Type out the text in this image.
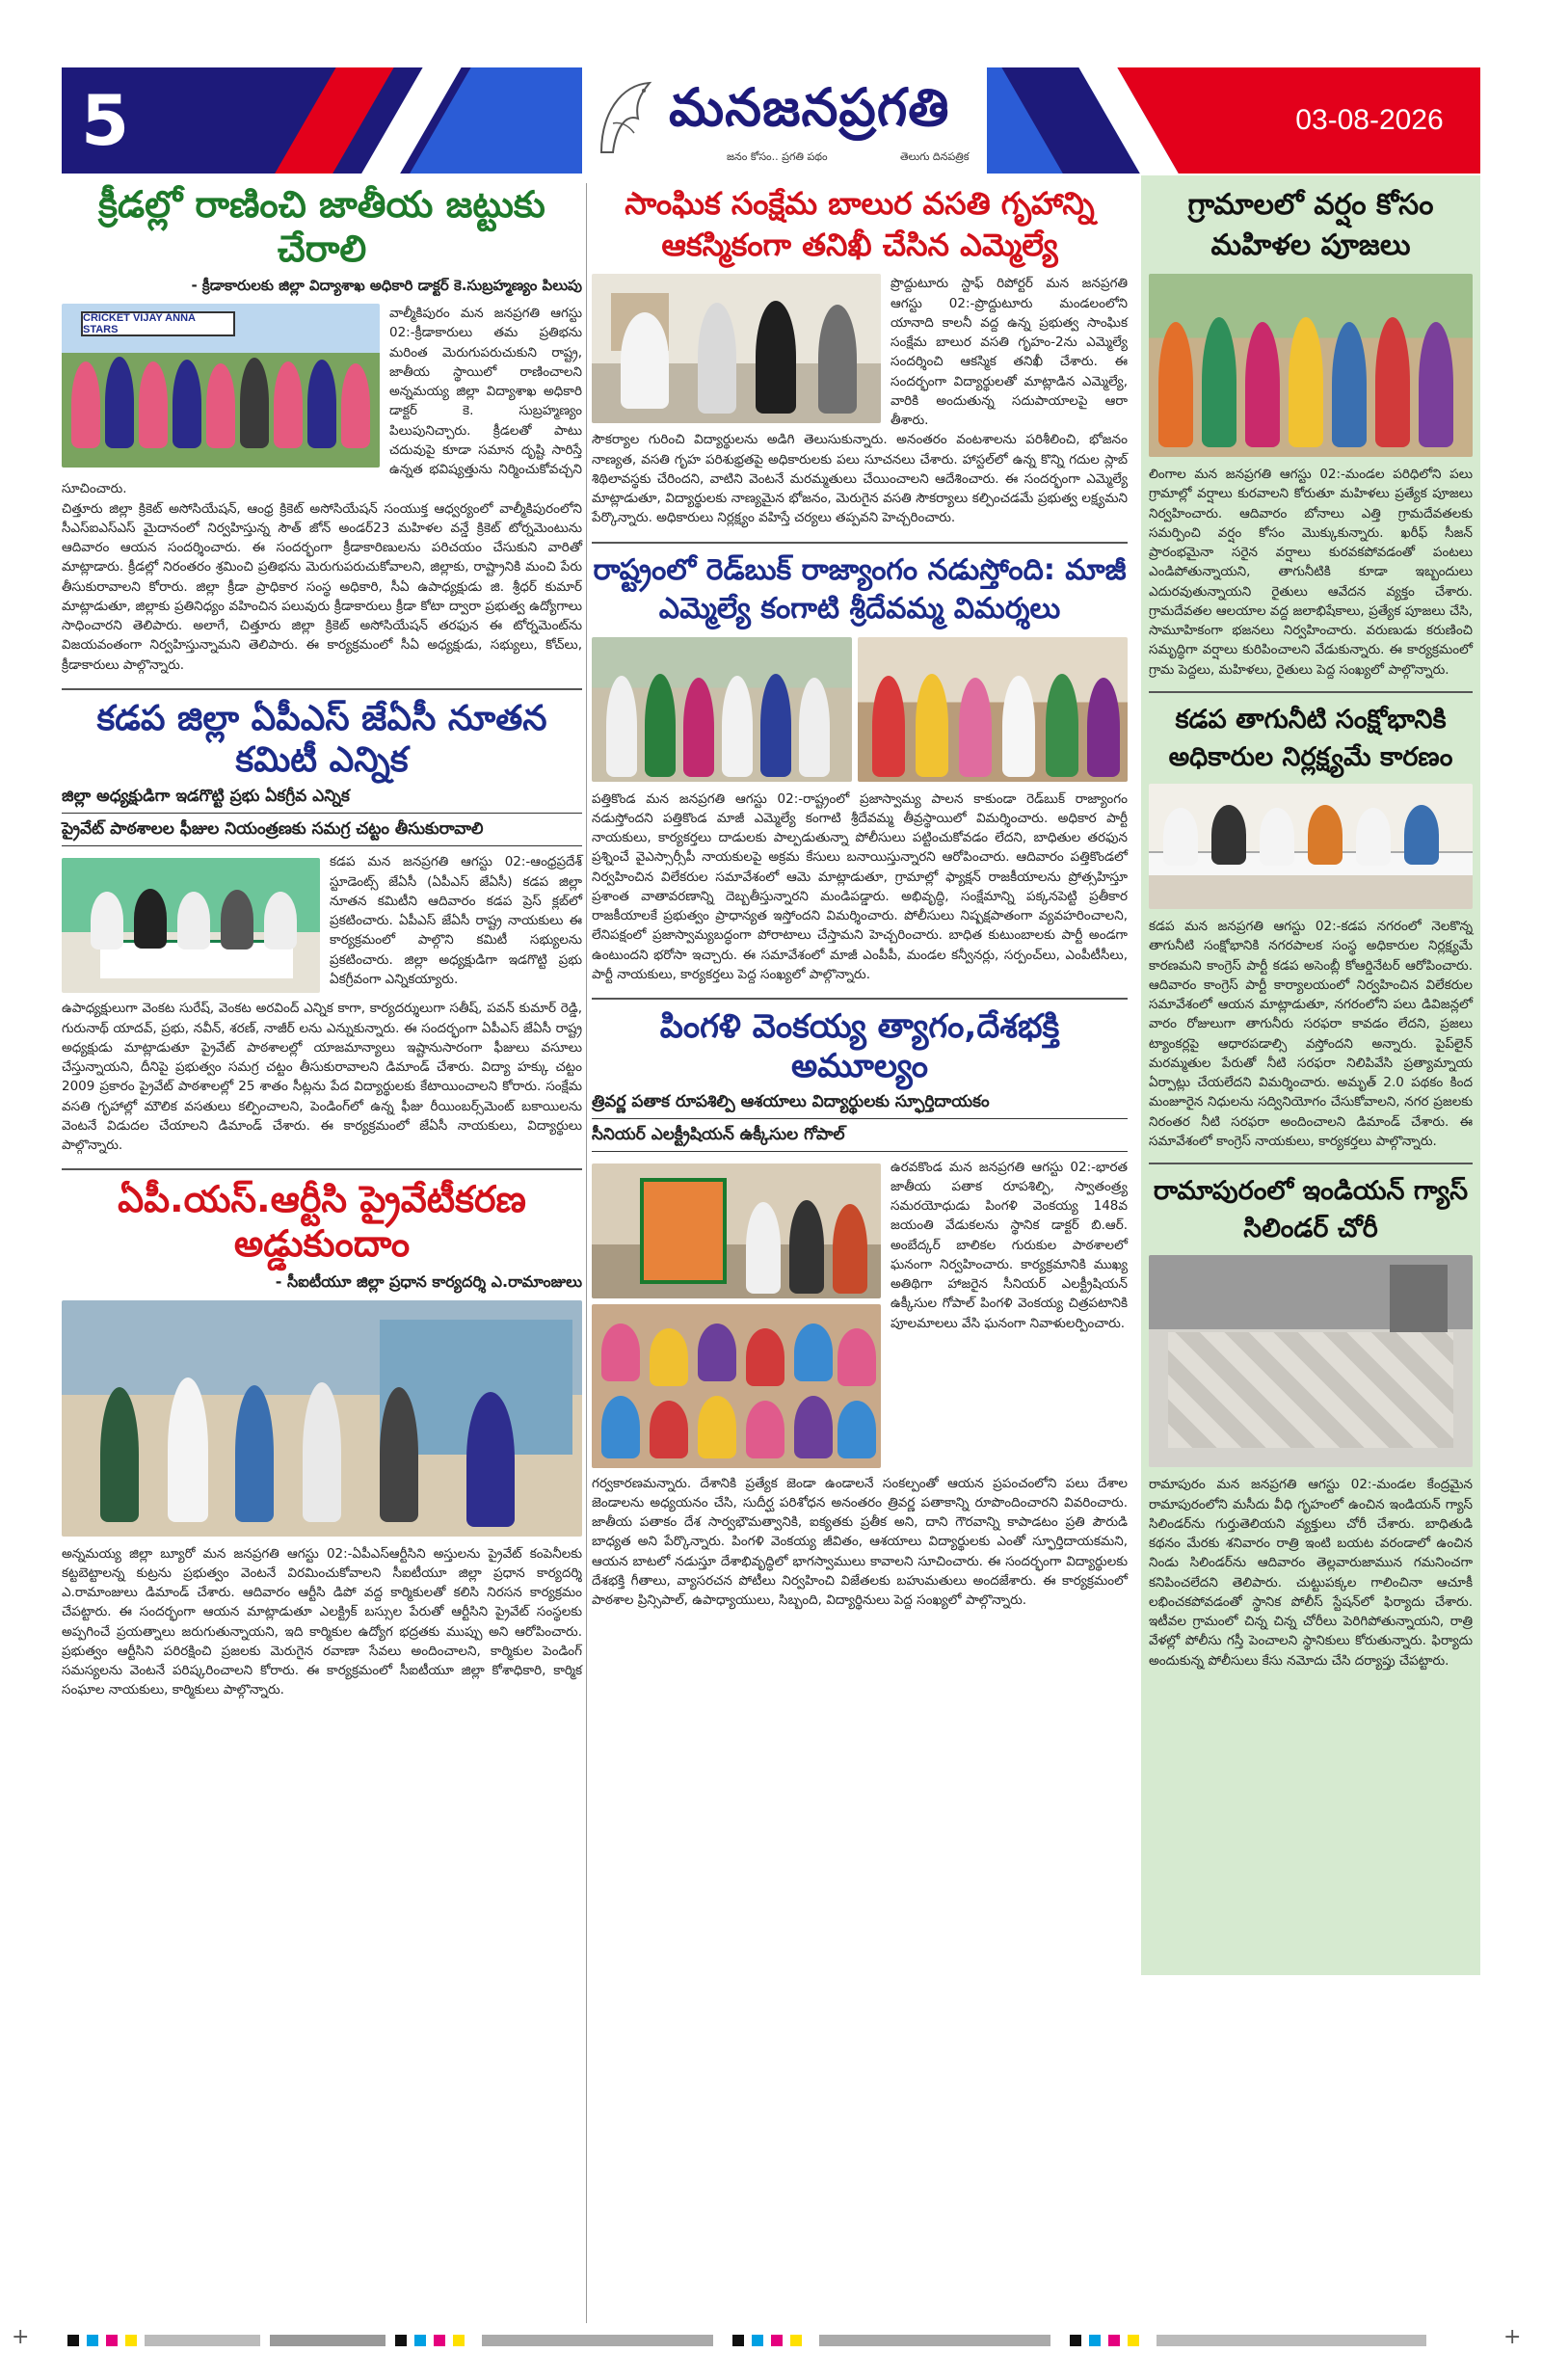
5	మనజనప్రగతి
జనం కోసం.. ప్రగతి పథం	తెలుగు దినపత్రిక
03-08-2026
క్రీడల్లో రాణించి జాతీయ జట్టుకు చేరాలి
- క్రీడాకారులకు జిల్లా విద్యాశాఖ అధికారి డాక్టర్ కె.సుబ్రహ్మణ్యం పిలుపు
CRICKET VIJAY ANNA STARS
వాల్మీకిపురం మన జనప్రగతి ఆగస్టు 02:-క్రీడాకారులు తమ ప్రతిభను మరింత మెరుగుపరుచుకుని రాష్ట్ర, జాతీయ స్థాయిలో రాణించాలని అన్నమయ్య జిల్లా విద్యాశాఖ అధికారి డాక్టర్ కె. సుబ్రహ్మణ్యం పిలుపునిచ్చారు. క్రీడలతో పాటు చదువుపై కూడా సమాన దృష్టి సారిస్తే ఉన్నత భవిష్యత్తును నిర్మించుకోవచ్చని సూచించారు.
చిత్తూరు జిల్లా క్రికెట్ అసోసియేషన్, ఆంధ్ర క్రికెట్ అసోసియేషన్ సంయుక్త ఆధ్వర్యంలో వాల్మీకిపురంలోని సీఎస్ఐఎస్‌ఎస్ మైదానంలో నిర్వహిస్తున్న సౌత్ జోన్ అండర్23 మహిళల వన్డే క్రికెట్ టోర్నమెంటును ఆదివారం ఆయన సందర్శించారు. ఈ సందర్భంగా క్రీడాకారిణులను పరిచయం చేసుకుని వారితో మాట్లాడారు. క్రీడల్లో నిరంతరం శ్రమించి ప్రతిభను మెరుగుపరుచుకోవాలని, జిల్లాకు, రాష్ట్రానికి మంచి పేరు తీసుకురావాలని కోరారు. జిల్లా క్రీడా ప్రాధికార సంస్థ అధికారి, సీఏ ఉపాధ్యక్షుడు జి. శ్రీధర్ కుమార్ మాట్లాడుతూ, జిల్లాకు ప్రతినిధ్యం వహించిన పలువురు క్రీడాకారులు క్రీడా కోటా ద్వారా ప్రభుత్వ ఉద్యోగాలు సాధించారని తెలిపారు. అలాగే, చిత్తూరు జిల్లా క్రికెట్ అసోసియేషన్ తరఫున ఈ టోర్నమెంట్‌ను విజయవంతంగా నిర్వహిస్తున్నామని తెలిపారు. ఈ కార్యక్రమంలో సీఏ అధ్యక్షుడు, సభ్యులు, కోచ్‌లు, క్రీడాకారులు పాల్గొన్నారు.
కడప జిల్లా ఏపీఎస్ జేఏసీ నూతన కమిటీ ఎన్నిక
జిల్లా అధ్యక్షుడిగా ఇడగొట్టి ప్రభు ఏకగ్రీవ ఎన్నిక
ప్రైవేట్ పాఠశాలల ఫీజుల నియంత్రణకు సమగ్ర చట్టం తీసుకురావాలి
కడప మన జనప్రగతి ఆగస్టు 02:-ఆంధ్రప్రదేశ్ స్టూడెంట్స్ జేఏసీ (ఏపీఎస్ జేఏసీ) కడప జిల్లా నూతన కమిటీని ఆదివారం కడప ప్రెస్ క్లబ్‌లో ప్రకటించారు. ఏపీఎస్ జేఏసీ రాష్ట్ర నాయకులు ఈ కార్యక్రమంలో పాల్గొని కమిటీ సభ్యులను ప్రకటించారు. జిల్లా అధ్యక్షుడిగా ఇడగొట్టి ప్రభు ఏకగ్రీవంగా ఎన్నికయ్యారు.
ఉపాధ్యక్షులుగా వెంకట సురేష్, వెంకట అరవింద్ ఎన్నిక కాగా, కార్యదర్శులుగా సతీష్, పవన్ కుమార్ రెడ్డి, గురునాథ్ యాదవ్, ప్రభు, నవీన్, శరణ్, నాజీర్ లను ఎన్నుకున్నారు. ఈ సందర్భంగా ఏపీఎస్ జేఏసీ రాష్ట్ర అధ్యక్షుడు మాట్లాడుతూ ప్రైవేట్ పాఠశాలల్లో యాజమాన్యాలు ఇష్టానుసారంగా ఫీజులు వసూలు చేస్తున్నాయని, దీనిపై ప్రభుత్వం సమగ్ర చట్టం తీసుకురావాలని డిమాండ్ చేశారు. విద్యా హక్కు చట్టం 2009 ప్రకారం ప్రైవేట్ పాఠశాలల్లో 25 శాతం సీట్లను పేద విద్యార్థులకు కేటాయించాలని కోరారు. సంక్షేమ వసతి గృహాల్లో మౌలిక వసతులు కల్పించాలని, పెండింగ్‌లో ఉన్న ఫీజు రీయింబర్స్‌మెంట్ బకాయిలను వెంటనే విడుదల చేయాలని డిమాండ్ చేశారు. ఈ కార్యక్రమంలో జేఏసీ నాయకులు, విద్యార్థులు పాల్గొన్నారు.
ఏపీ.యస్.ఆర్టీసి ప్రైవేటీకరణ అడ్డుకుందాం
- సీఐటీయూ జిల్లా ప్రధాన కార్యదర్శి ఎ.రామాంజులు
అన్నమయ్య జిల్లా బ్యూరో మన జనప్రగతి ఆగస్టు 02:-ఏపీఎస్ఆర్టీసిని అస్తులను ప్రైవేట్ కంపెనీలకు కట్టబెట్టాలన్న కుట్రను ప్రభుత్వం వెంటనే విరమించుకోవాలని సీఐటీయూ జిల్లా ప్రధాన కార్యదర్శి ఎ.రామాంజులు డిమాండ్ చేశారు. ఆదివారం ఆర్టీసి డిపో వద్ద కార్మికులతో కలిసి నిరసన కార్యక్రమం చేపట్టారు. ఈ సందర్భంగా ఆయన మాట్లాడుతూ ఎలక్ట్రిక్ బస్సుల పేరుతో ఆర్టీసిని ప్రైవేట్ సంస్థలకు అప్పగించే ప్రయత్నాలు జరుగుతున్నాయని, ఇది కార్మికుల ఉద్యోగ భద్రతకు ముప్పు అని ఆరోపించారు. ప్రభుత్వం ఆర్టీసిని పరిరక్షించి ప్రజలకు మెరుగైన రవాణా సేవలు అందించాలని, కార్మికుల పెండింగ్ సమస్యలను వెంటనే పరిష్కరించాలని కోరారు. ఈ కార్యక్రమంలో సీఐటీయూ జిల్లా కోశాధికారి, కార్మిక సంఘాల నాయకులు, కార్మికులు పాల్గొన్నారు.
సాంఘిక సంక్షేమ బాలుర వసతి గృహాన్ని ఆకస్మికంగా తనిఖీ చేసిన ఎమ్మెల్యే
ప్రొద్దుటూరు స్టాఫ్ రిపోర్టర్ మన జనప్రగతి ఆగస్టు 02:-ప్రొద్దుటూరు మండలంలోని యానాది కాలనీ వద్ద ఉన్న ప్రభుత్వ సాంఘిక సంక్షేమ బాలుర వసతి గృహం-2ను ఎమ్మెల్యే సందర్శించి ఆకస్మిక తనిఖీ చేశారు. ఈ సందర్భంగా విద్యార్థులతో మాట్లాడిన ఎమ్మెల్యే, వారికి అందుతున్న సదుపాయాలపై ఆరా తీశారు.
సౌకర్యాల గురించి విద్యార్థులను అడిగి తెలుసుకున్నారు. అనంతరం వంటశాలను పరిశీలించి, భోజనం నాణ్యత, వసతి గృహ పరిశుభ్రతపై అధికారులకు పలు సూచనలు చేశారు. హాస్టల్‌లో ఉన్న కొన్ని గదుల స్లాబ్ శిథిలావస్థకు చేరిందని, వాటిని వెంటనే మరమ్మతులు చేయించాలని ఆదేశించారు. ఈ సందర్భంగా ఎమ్మెల్యే మాట్లాడుతూ, విద్యార్థులకు నాణ్యమైన భోజనం, మెరుగైన వసతి సౌకర్యాలు కల్పించడమే ప్రభుత్వ లక్ష్యమని పేర్కొన్నారు. అధికారులు నిర్లక్ష్యం వహిస్తే చర్యలు తప్పవని హెచ్చరించారు.
రాష్ట్రంలో రెడ్‌బుక్ రాజ్యాంగం నడుస్తోంది: మాజీ ఎమ్మెల్యే కంగాటి శ్రీదేవమ్మ విమర్శలు
పత్తికొండ మన జనప్రగతి ఆగస్టు 02:-రాష్ట్రంలో ప్రజాస్వామ్య పాలన కాకుండా రెడ్‌బుక్ రాజ్యాంగం నడుస్తోందని పత్తికొండ మాజీ ఎమ్మెల్యే కంగాటి శ్రీదేవమ్మ తీవ్రస్థాయిలో విమర్శించారు. అధికార పార్టీ నాయకులు, కార్యకర్తలు దాడులకు పాల్పడుతున్నా పోలీసులు పట్టించుకోవడం లేదని, బాధితుల తరఫున ప్రశ్నించే వైఎస్సార్సీపీ నాయకులపై అక్రమ కేసులు బనాయిస్తున్నారని ఆరోపించారు. ఆదివారం పత్తికొండలో నిర్వహించిన విలేకరుల సమావేశంలో ఆమె మాట్లాడుతూ, గ్రామాల్లో ఫ్యాక్షన్ రాజకీయాలను ప్రోత్సహిస్తూ ప్రశాంత వాతావరణాన్ని దెబ్బతీస్తున్నారని మండిపడ్డారు. అభివృద్ధి, సంక్షేమాన్ని పక్కనపెట్టి ప్రతీకార రాజకీయాలకే ప్రభుత్వం ప్రాధాన్యత ఇస్తోందని విమర్శించారు. పోలీసులు నిష్పక్షపాతంగా వ్యవహరించాలని, లేనిపక్షంలో ప్రజాస్వామ్యబద్ధంగా పోరాటాలు చేస్తామని హెచ్చరించారు. బాధిత కుటుంబాలకు పార్టీ అండగా ఉంటుందని భరోసా ఇచ్చారు. ఈ సమావేశంలో మాజీ ఎంపీపీ, మండల కన్వీనర్లు, సర్పంచ్‌లు, ఎంపీటీసీలు, పార్టీ నాయకులు, కార్యకర్తలు పెద్ద సంఖ్యలో పాల్గొన్నారు.
పింగళి వెంకయ్య త్యాగం,దేశభక్తి అమూల్యం
త్రివర్ణ పతాక రూపశిల్పి ఆశయాలు విద్యార్థులకు స్ఫూర్తిదాయకం
సీనియర్ ఎలక్ట్రీషియన్ ఉక్కీసుల గోపాల్
ఉరవకొండ మన జనప్రగతి ఆగస్టు 02:-భారత జాతీయ పతాక రూపశిల్పి, స్వాతంత్ర్య సమరయోధుడు పింగళి వెంకయ్య 148వ జయంతి వేడుకలను స్థానిక డాక్టర్ బి.ఆర్. అంబేద్కర్ బాలికల గురుకుల పాఠశాలలో ఘనంగా నిర్వహించారు. కార్యక్రమానికి ముఖ్య అతిథిగా హాజరైన సీనియర్ ఎలక్ట్రీషియన్ ఉక్కీసుల గోపాల్ పింగళి వెంకయ్య చిత్రపటానికి పూలమాలలు వేసి ఘనంగా నివాళులర్పించారు.
గర్వకారణమన్నారు. దేశానికి ప్రత్యేక జెండా ఉండాలనే సంకల్పంతో ఆయన ప్రపంచంలోని పలు దేశాల జెండాలను అధ్యయనం చేసి, సుదీర్ఘ పరిశోధన అనంతరం త్రివర్ణ పతాకాన్ని రూపొందించారని వివరించారు. జాతీయ పతాకం దేశ సార్వభౌమత్వానికి, ఐక్యతకు ప్రతీక అని, దాని గౌరవాన్ని కాపాడటం ప్రతి పౌరుడి బాధ్యత అని పేర్కొన్నారు. పింగళి వెంకయ్య జీవితం, ఆశయాలు విద్యార్థులకు ఎంతో స్ఫూర్తిదాయకమని, ఆయన బాటలో నడుస్తూ దేశాభివృద్ధిలో భాగస్వాములు కావాలని సూచించారు. ఈ సందర్భంగా విద్యార్థులకు దేశభక్తి గీతాలు, వ్యాసరచన పోటీలు నిర్వహించి విజేతలకు బహుమతులు అందజేశారు. ఈ కార్యక్రమంలో పాఠశాల ప్రిన్సిపాల్, ఉపాధ్యాయులు, సిబ్బంది, విద్యార్థినులు పెద్ద సంఖ్యలో పాల్గొన్నారు.
గ్రామాలలో వర్షం కోసం మహిళల పూజలు
లింగాల మన జనప్రగతి ఆగస్టు 02:-మండల పరిధిలోని పలు గ్రామాల్లో వర్షాలు కురవాలని కోరుతూ మహిళలు ప్రత్యేక పూజలు నిర్వహించారు. ఆదివారం బోనాలు ఎత్తి గ్రామదేవతలకు సమర్పించి వర్షం కోసం మొక్కుకున్నారు. ఖరీఫ్ సీజన్ ప్రారంభమైనా సరైన వర్షాలు కురవకపోవడంతో పంటలు ఎండిపోతున్నాయని, తాగునీటికి కూడా ఇబ్బందులు ఎదురవుతున్నాయని రైతులు ఆవేదన వ్యక్తం చేశారు. గ్రామదేవతల ఆలయాల వద్ద జలాభిషేకాలు, ప్రత్యేక పూజలు చేసి, సామూహికంగా భజనలు నిర్వహించారు. వరుణుడు కరుణించి సమృద్ధిగా వర్షాలు కురిపించాలని వేడుకున్నారు. ఈ కార్యక్రమంలో గ్రామ పెద్దలు, మహిళలు, రైతులు పెద్ద సంఖ్యలో పాల్గొన్నారు.
కడప తాగునీటి సంక్షోభానికి అధికారుల నిర్లక్ష్యమే కారణం
కడప మన జనప్రగతి ఆగస్టు 02:-కడప నగరంలో నెలకొన్న తాగునీటి సంక్షోభానికి నగరపాలక సంస్థ అధికారుల నిర్లక్ష్యమే కారణమని కాంగ్రెస్ పార్టీ కడప అసెంబ్లీ కోఆర్డినేటర్ ఆరోపించారు. ఆదివారం కాంగ్రెస్ పార్టీ కార్యాలయంలో నిర్వహించిన విలేకరుల సమావేశంలో ఆయన మాట్లాడుతూ, నగరంలోని పలు డివిజన్లలో వారం రోజులుగా తాగునీరు సరఫరా కావడం లేదని, ప్రజలు ట్యాంకర్లపై ఆధారపడాల్సి వస్తోందని అన్నారు. పైప్‌లైన్ మరమ్మతుల పేరుతో నీటి సరఫరా నిలిపివేసి ప్రత్యామ్నాయ ఏర్పాట్లు చేయలేదని విమర్శించారు. అమృత్ 2.0 పథకం కింద మంజూరైన నిధులను సద్వినియోగం చేసుకోవాలని, నగర ప్రజలకు నిరంతర నీటి సరఫరా అందించాలని డిమాండ్ చేశారు. ఈ సమావేశంలో కాంగ్రెస్ నాయకులు, కార్యకర్తలు పాల్గొన్నారు.
రామాపురంలో ఇండియన్ గ్యాస్ సిలిండర్ చోరీ
రామాపురం మన జనప్రగతి ఆగస్టు 02:-మండల కేంద్రమైన రామాపురంలోని మసీదు వీధి గృహంలో ఉంచిన ఇండియన్ గ్యాస్ సిలిండర్‌ను గుర్తుతెలియని వ్యక్తులు చోరీ చేశారు. బాధితుడి కథనం మేరకు శనివారం రాత్రి ఇంటి బయట వరండాలో ఉంచిన నిండు సిలిండర్‌ను ఆదివారం తెల్లవారుజామున గమనించగా కనిపించలేదని తెలిపారు. చుట్టుపక్కల గాలించినా ఆచూకీ లభించకపోవడంతో స్థానిక పోలీస్ స్టేషన్‌లో ఫిర్యాదు చేశారు. ఇటీవల గ్రామంలో చిన్న చిన్న చోరీలు పెరిగిపోతున్నాయని, రాత్రి వేళల్లో పోలీసు గస్తీ పెంచాలని స్థానికులు కోరుతున్నారు. ఫిర్యాదు అందుకున్న పోలీసులు కేసు నమోదు చేసి దర్యాప్తు చేపట్టారు.
+	+
